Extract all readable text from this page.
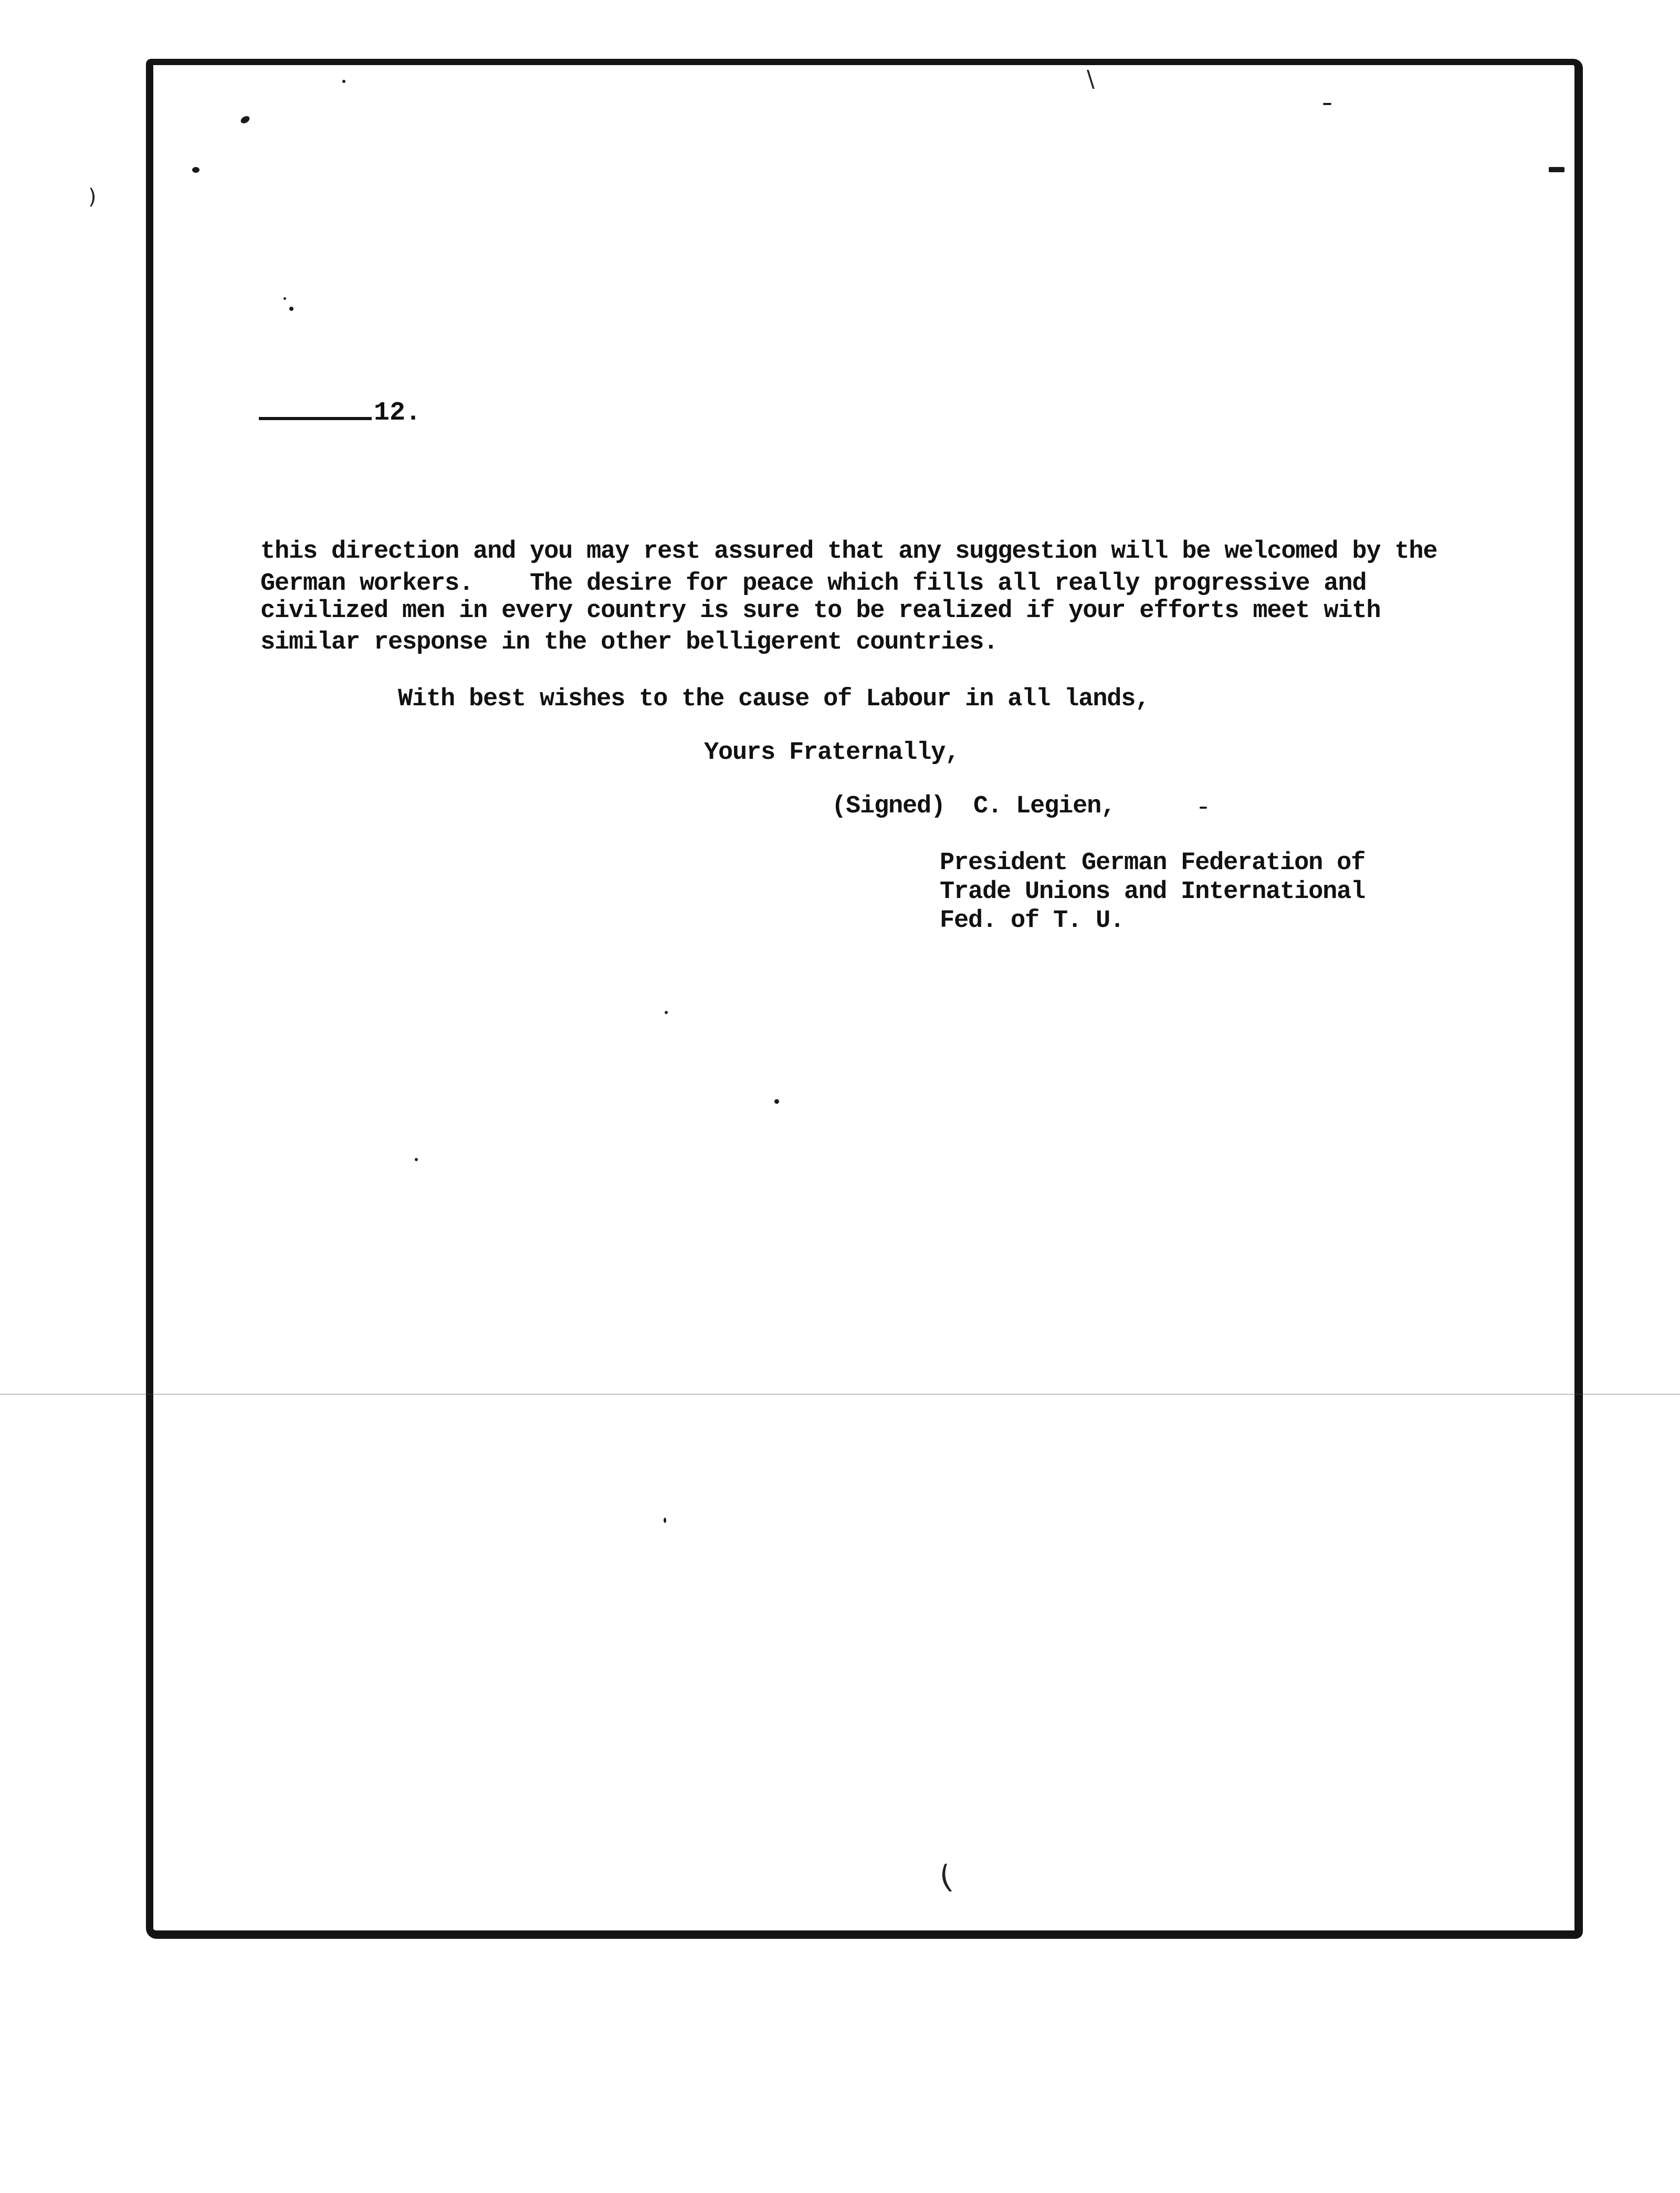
(
\
)
12.
this direction and you may rest assured that any suggestion will be welcomed by the
German workers.    The desire for peace which fills all really progressive and
civilized men in every country is sure to be realized if your efforts meet with
similar response in the other belligerent countries.
With best wishes to the cause of Labour in all lands,
Yours Fraternally,
(Signed)  C. Legien,
President German Federation of
Trade Unions and International
Fed. of T. U.
